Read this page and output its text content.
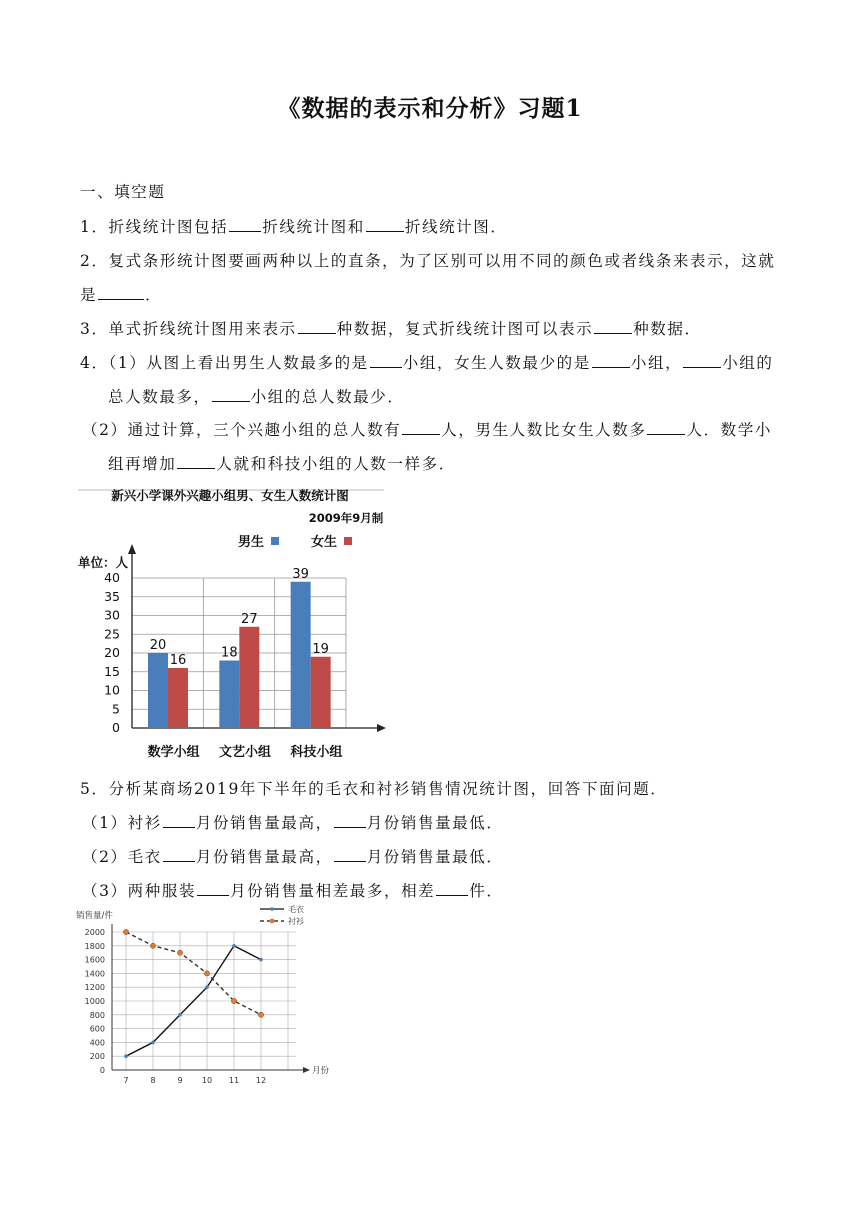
《数据的表示和分析》习题1
一、填空题
1．折线统计图包括 折线统计图和	折线统计图．
2．复式条形统计图要画两种以上的直条，为了区别可以用不同的颜色或者线条来表示，这就
是	．
3．单式折线统计图用来表示	种数据，复式折线统计图可以表示	种数据．
4．（1）从图上看出男生人数最多的是 小组，女生人数最少的是	小组，	小组的
总人数最多，	小组的总人数最少．
（2）通过计算，三个兴趣小组的总人数有	人，男生人数比女生人数多	人．数学小
组再增加	人就和科技小组的人数一样多．
新兴小学课外兴趣小组男、女生人数统计图
2009年9月制
男生	女生
单位：人
0
5
10
15
20
25
30
35
40
20
16
数学小组
18
27
文艺小组
39
19
科技小组
5．分析某商场2019年下半年的毛衣和衬衫销售情况统计图，回答下面问题．
（1）衬衫 月份销售量最高， 月份销售量最低．
（2）毛衣 月份销售量最高， 月份销售量最低．
（3）两种服装 月份销售量相差最多，相差 件．
销售量/件
0
200
400
600
800
1000
1200
1400
1600
1800
2000
7	8	9 10 11 12
月份
毛衣
衬衫
